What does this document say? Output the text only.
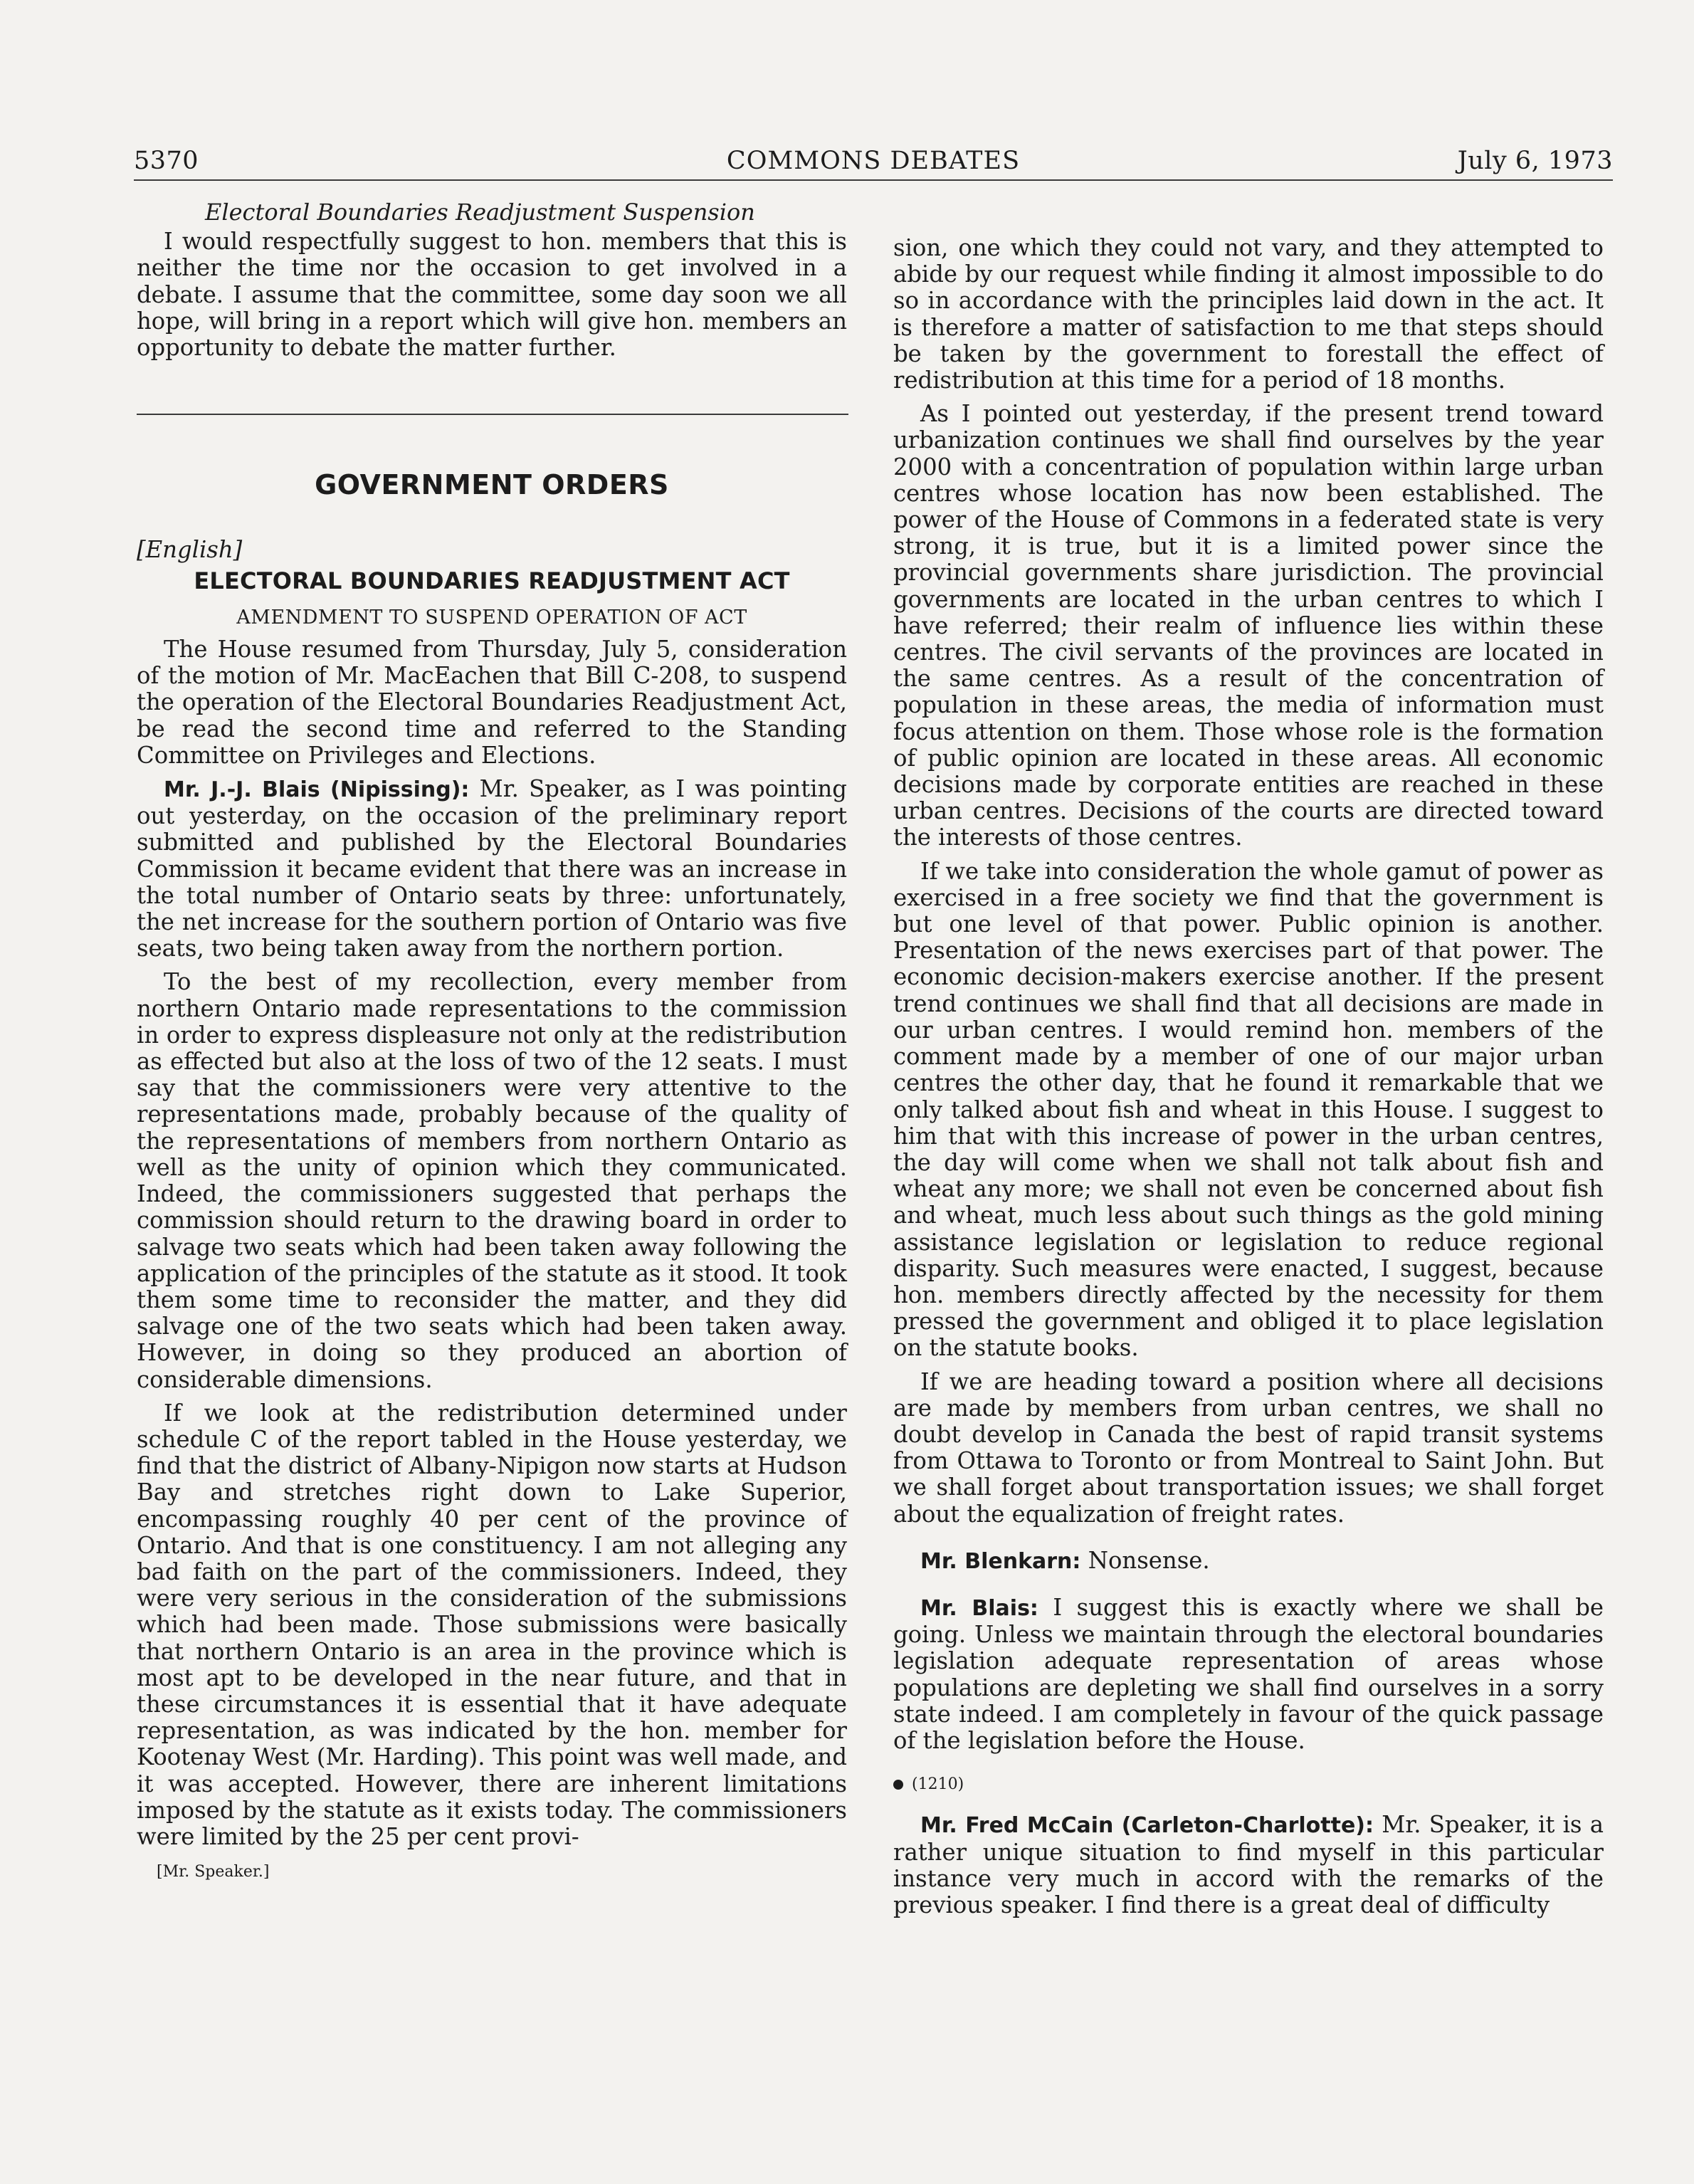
5370	COMMONS DEBATES	July 6, 1973

Electoral Boundaries Readjustment Suspension

I would respectfully suggest to hon. members that this is neither the time nor the occasion to get involved in a debate. I assume that the committee, some day soon we all hope, will bring in a report which will give hon. members an opportunity to debate the matter further.

GOVERNMENT ORDERS

[English]

ELECTORAL BOUNDARIES READJUSTMENT ACT

AMENDMENT TO SUSPEND OPERATION OF ACT

The House resumed from Thursday, July 5, consideration of the motion of Mr. MacEachen that Bill C-208, to suspend the operation of the Electoral Boundaries Readjustment Act, be read the second time and referred to the Standing Committee on Privileges and Elections.

Mr. J.-J. Blais (Nipissing): Mr. Speaker, as I was pointing out yesterday, on the occasion of the preliminary report submitted and published by the Electoral Boundaries Commission it became evident that there was an increase in the total number of Ontario seats by three: unfortunately, the net increase for the southern portion of Ontario was five seats, two being taken away from the northern portion.

To the best of my recollection, every member from northern Ontario made representations to the commission in order to express displeasure not only at the redistribution as effected but also at the loss of two of the 12 seats. I must say that the commissioners were very attentive to the representations made, probably because of the quality of the representations of members from northern Ontario as well as the unity of opinion which they communicated. Indeed, the commissioners suggested that perhaps the commission should return to the drawing board in order to salvage two seats which had been taken away following the application of the principles of the statute as it stood. It took them some time to reconsider the matter, and they did salvage one of the two seats which had been taken away. However, in doing so they produced an abortion of considerable dimensions.

If we look at the redistribution determined under schedule C of the report tabled in the House yesterday, we find that the district of Albany-Nipigon now starts at Hudson Bay and stretches right down to Lake Superior, encompassing roughly 40 per cent of the province of Ontario. And that is one constituency. I am not alleging any bad faith on the part of the commissioners. Indeed, they were very serious in the consideration of the submissions which had been made. Those submissions were basically that northern Ontario is an area in the province which is most apt to be developed in the near future, and that in these circumstances it is essential that it have adequate representation, as was indicated by the hon. member for Kootenay West (Mr. Harding). This point was well made, and it was accepted. However, there are inherent limitations imposed by the statute as it exists today. The commissioners were limited by the 25 per cent provi-

[Mr. Speaker.]

sion, one which they could not vary, and they attempted to abide by our request while finding it almost impossible to do so in accordance with the principles laid down in the act. It is therefore a matter of satisfaction to me that steps should be taken by the government to forestall the effect of redistribution at this time for a period of 18 months.

As I pointed out yesterday, if the present trend toward urbanization continues we shall find ourselves by the year 2000 with a concentration of population within large urban centres whose location has now been established. The power of the House of Commons in a federated state is very strong, it is true, but it is a limited power since the provincial governments share jurisdiction. The provincial governments are located in the urban centres to which I have referred; their realm of influence lies within these centres. The civil servants of the provinces are located in the same centres. As a result of the concentration of population in these areas, the media of information must focus attention on them. Those whose role is the formation of public opinion are located in these areas. All economic decisions made by corporate entities are reached in these urban centres. Decisions of the courts are directed toward the interests of those centres.

If we take into consideration the whole gamut of power as exercised in a free society we find that the government is but one level of that power. Public opinion is another. Presentation of the news exercises part of that power. The economic decision-makers exercise another. If the present trend continues we shall find that all decisions are made in our urban centres. I would remind hon. members of the comment made by a member of one of our major urban centres the other day, that he found it remarkable that we only talked about fish and wheat in this House. I suggest to him that with this increase of power in the urban centres, the day will come when we shall not talk about fish and wheat any more; we shall not even be concerned about fish and wheat, much less about such things as the gold mining assistance legislation or legislation to reduce regional disparity. Such measures were enacted, I suggest, because hon. members directly affected by the necessity for them pressed the government and obliged it to place legislation on the statute books.

If we are heading toward a position where all decisions are made by members from urban centres, we shall no doubt develop in Canada the best of rapid transit systems from Ottawa to Toronto or from Montreal to Saint John. But we shall forget about transportation issues; we shall forget about the equalization of freight rates.

Mr. Blenkarn: Nonsense.

Mr. Blais: I suggest this is exactly where we shall be going. Unless we maintain through the electoral boundaries legislation adequate representation of areas whose populations are depleting we shall find ourselves in a sorry state indeed. I am completely in favour of the quick passage of the legislation before the House.

(1210)

Mr. Fred McCain (Carleton-Charlotte): Mr. Speaker, it is a rather unique situation to find myself in this particular instance very much in accord with the remarks of the previous speaker. I find there is a great deal of difficulty
